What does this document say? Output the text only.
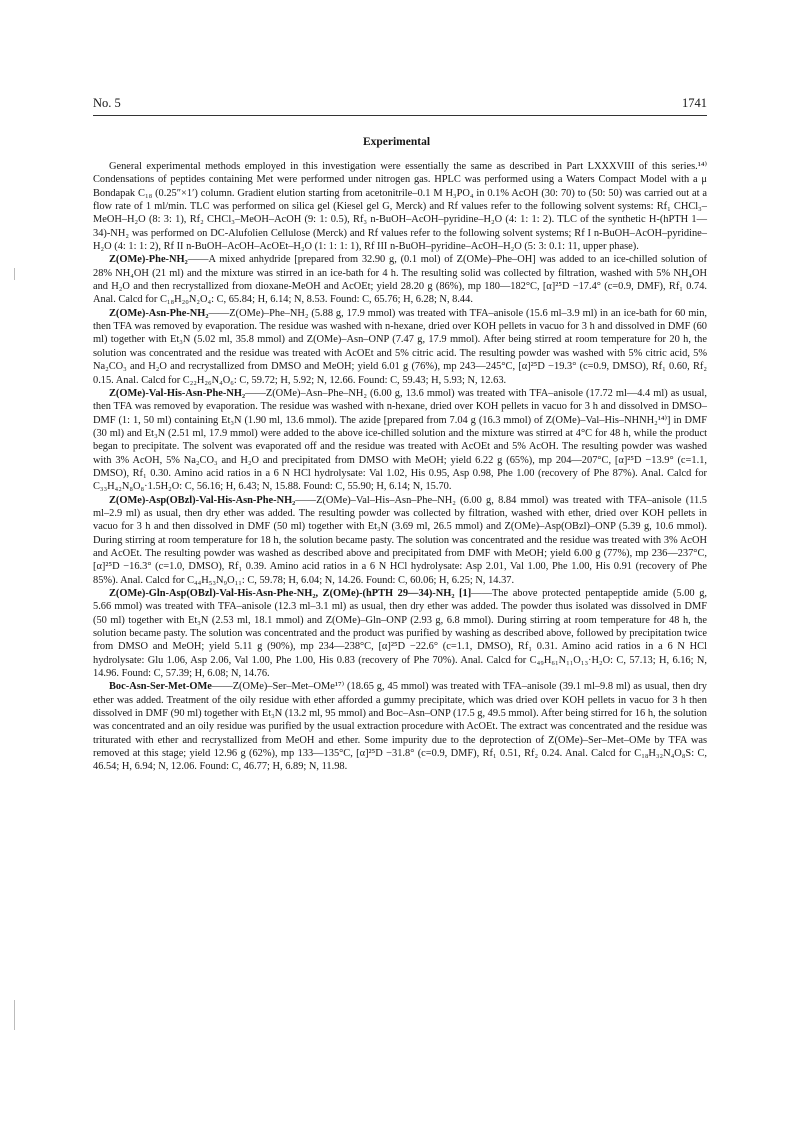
No. 5	1741
Experimental

General experimental methods employed in this investigation were essentially the same as described in Part LXXXVIII of this series.¹⁴⁾ Condensations of peptides containing Met were performed under nitrogen gas. HPLC was performed using a Waters Compact Model with a μ Bondapak C₁₈ (0.25″×1′) column. Gradient elution starting from acetonitrile–0.1 M H₃PO₄ in 0.1% AcOH (30: 70) to (50: 50) was carried out at a flow rate of 1 ml/min. TLC was performed on silica gel (Kiesel gel G, Merck) and Rf values refer to the following solvent systems: Rf₁ CHCl₃–MeOH–H₂O (8: 3: 1), Rf₂ CHCl₃–MeOH–AcOH (9: 1: 0.5), Rf₃ n-BuOH–AcOH–pyridine–H₂O (4: 1: 1: 2). TLC of the synthetic H-(hPTH 1—34)-NH₂ was performed on DC-Alufolien Cellulose (Merck) and Rf values refer to the following solvent systems; Rf I n-BuOH–AcOH–pyridine–H₂O (4: 1: 1: 2), Rf II n-BuOH–AcOH–AcOEt–H₂O (1: 1: 1: 1), Rf III n-BuOH–pyridine–AcOH–H₂O (5: 3: 0.1: 11, upper phase).

Z(OMe)-Phe-NH₂——A mixed anhydride [prepared from 32.90 g, (0.1 mol) of Z(OMe)–Phe–OH] was added to an ice-chilled solution of 28% NH₄OH (21 ml) and the mixture was stirred in an ice-bath for 4 h. The resulting solid was collected by filtration, washed with 5% NH₄OH and H₂O and then recrystallized from dioxane-MeOH and AcOEt; yield 28.20 g (86%), mp 180—182°C, [α]²⁵D −17.4° (c=0.9, DMF), Rf₁ 0.74. Anal. Calcd for C₁₈H₂₀N₂O₄: C, 65.84; H, 6.14; N, 8.53. Found: C, 65.76; H, 6.28; N, 8.44.

Z(OMe)-Asn-Phe-NH₂——Z(OMe)–Phe–NH₂ (5.88 g, 17.9 mmol) was treated with TFA–anisole (15.6 ml–3.9 ml) in an ice-bath for 60 min, then TFA was removed by evaporation. The residue was washed with n-hexane, dried over KOH pellets in vacuo for 3 h and dissolved in DMF (60 ml) together with Et₃N (5.02 ml, 35.8 mmol) and Z(OMe)–Asn–ONP (7.47 g, 17.9 mmol). After being stirred at room temperature for 20 h, the solution was concentrated and the residue was treated with AcOEt and 5% citric acid. The resulting powder was washed with 5% citric acid, 5% Na₂CO₃ and H₂O and recrystallized from DMSO and MeOH; yield 6.01 g (76%), mp 243—245°C, [α]²⁵D −19.3° (c=0.9, DMSO), Rf₁ 0.60, Rf₂ 0.15. Anal. Calcd for C₂₂H₂₆N₄O₆: C, 59.72; H, 5.92; N, 12.66. Found: C, 59.43; H, 5.93; N, 12.63.

Z(OMe)-Val-His-Asn-Phe-NH₂——Z(OMe)–Asn–Phe–NH₂ (6.00 g, 13.6 mmol) was treated with TFA–anisole (17.72 ml—4.4 ml) as usual, then TFA was removed by evaporation. The residue was washed with n-hexane, dried over KOH pellets in vacuo for 3 h and dissolved in DMSO–DMF (1: 1, 50 ml) containing Et₃N (1.90 ml, 13.6 mmol). The azide [prepared from 7.04 g (16.3 mmol) of Z(OMe)–Val–His–NHNH₂¹⁴⁾] in DMF (30 ml) and Et₃N (2.51 ml, 17.9 mmol) were added to the above ice-chilled solution and the mixture was stirred at 4°C for 48 h, while the product began to precipitate. The solvent was evaporated off and the residue was treated with AcOEt and 5% AcOH. The resulting powder was washed with 3% AcOH, 5% Na₂CO₃ and H₂O and precipitated from DMSO with MeOH; yield 6.22 g (65%), mp 204—207°C, [α]²⁵D −13.9° (c=1.1, DMSO), Rf₁ 0.30. Amino acid ratios in a 6 N HCl hydrolysate: Val 1.02, His 0.95, Asp 0.98, Phe 1.00 (recovery of Phe 87%). Anal. Calcd for C₃₃H₄₂N₈O₈·1.5H₂O: C, 56.16; H, 6.43; N, 15.88. Found: C, 55.90; H, 6.14; N, 15.70.

Z(OMe)-Asp(OBzl)-Val-His-Asn-Phe-NH₂——Z(OMe)–Val–His–Asn–Phe–NH₂ (6.00 g, 8.84 mmol) was treated with TFA–anisole (11.5 ml–2.9 ml) as usual, then dry ether was added. The resulting powder was collected by filtration, washed with ether, dried over KOH pellets in vacuo for 3 h and then dissolved in DMF (50 ml) together with Et₃N (3.69 ml, 26.5 mmol) and Z(OMe)–Asp(OBzl)–ONP (5.39 g, 10.6 mmol). During stirring at room temperature for 18 h, the solution became pasty. The solution was concentrated and the residue was treated with 3% AcOH and AcOEt. The resulting powder was washed as described above and precipitated from DMF with MeOH; yield 6.00 g (77%), mp 236—237°C, [α]²⁵D −16.3° (c=1.0, DMSO), Rf₁ 0.39. Amino acid ratios in a 6 N HCl hydrolysate: Asp 2.01, Val 1.00, Phe 1.00, His 0.91 (recovery of Phe 85%). Anal. Calcd for C₄₄H₅₃N₉O₁₁: C, 59.78; H, 6.04; N, 14.26. Found: C, 60.06; H, 6.25; N, 14.37.

Z(OMe)-Gln-Asp(OBzl)-Val-His-Asn-Phe-NH₂, Z(OMe)-(hPTH 29—34)-NH₂ [1]——The above protected pentapeptide amide (5.00 g, 5.66 mmol) was treated with TFA–anisole (12.3 ml–3.1 ml) as usual, then dry ether was added. The powder thus isolated was dissolved in DMF (50 ml) together with Et₃N (2.53 ml, 18.1 mmol) and Z(OMe)–Gln–ONP (2.93 g, 6.8 mmol). During stirring at room temperature for 48 h, the solution became pasty. The solution was concentrated and the product was purified by washing as described above, followed by precipitation twice from DMSO and MeOH; yield 5.11 g (90%), mp 234—238°C, [α]²⁵D −22.6° (c=1.1, DMSO), Rf₁ 0.31. Amino acid ratios in a 6 N HCl hydrolysate: Glu 1.06, Asp 2.06, Val 1.00, Phe 1.00, His 0.83 (recovery of Phe 70%). Anal. Calcd for C₄₉H₆₁N₁₁O₁₃·H₂O: C, 57.13; H, 6.16; N, 14.96. Found: C, 57.39; H, 6.08; N, 14.76.

Boc-Asn-Ser-Met-OMe——Z(OMe)–Ser–Met–OMe¹⁷⁾ (18.65 g, 45 mmol) was treated with TFA–anisole (39.1 ml–9.8 ml) as usual, then dry ether was added. Treatment of the oily residue with ether afforded a gummy precipitate, which was dried over KOH pellets in vacuo for 3 h then dissolved in DMF (90 ml) together with Et₃N (13.2 ml, 95 mmol) and Boc–Asn–ONP (17.5 g, 49.5 mmol). After being stirred for 16 h, the solution was concentrated and an oily residue was purified by the usual extraction procedure with AcOEt. The extract was concentrated and the residue was triturated with ether and recrystallized from MeOH and ether. Some impurity due to the deprotection of Z(OMe)–Ser–Met–OMe by TFA was removed at this stage; yield 12.96 g (62%), mp 133—135°C, [α]²⁵D −31.8° (c=0.9, DMF), Rf₁ 0.51, Rf₂ 0.24. Anal. Calcd for C₁₈H₃₂N₄O₈S: C, 46.54; H, 6.94; N, 12.06. Found: C, 46.77; H, 6.89; N, 11.98.
